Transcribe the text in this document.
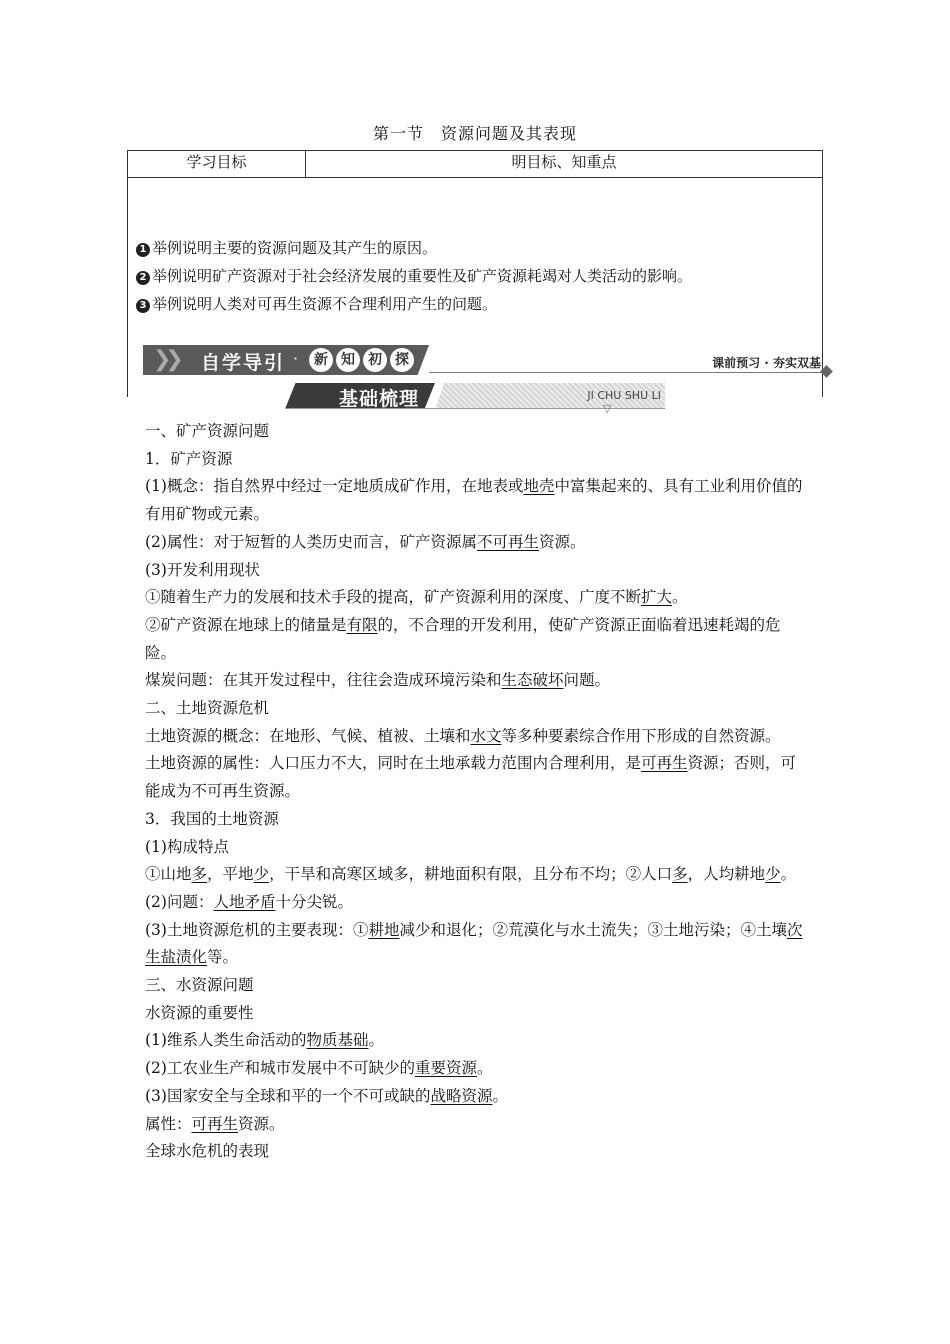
第一节　资源问题及其表现
学习目标	明目标、知重点

1 举例说明主要的资源问题及其产生的原因。
2 举例说明矿产资源对于社会经济发展的重要性及矿产资源耗竭对人类活动的影响。
3 举例说明人类对可再生资源不合理利用产生的问题。
❯❯ 自学导引 ·	新 知 初 探	课前预习 · 夯实双基
基础梳理	JI CHU SHU LI
▽

一、矿产资源问题

1．矿产资源

(1)概念：指自然界中经过一定地质成矿作用，在地表或地壳中富集起来的、具有工业利用价值的有用矿物或元素。

(2)属性：对于短暂的人类历史而言，矿产资源属不可再生资源。

(3)开发利用现状

①随着生产力的发展和技术手段的提高，矿产资源利用的深度、广度不断扩大。

②矿产资源在地球上的储量是有限的，不合理的开发利用，使矿产资源正面临着迅速耗竭的危险。

煤炭问题：在其开发过程中，往往会造成环境污染和生态破坏问题。

二、土地资源危机

土地资源的概念：在地形、气候、植被、土壤和水文等多种要素综合作用下形成的自然资源。

土地资源的属性：人口压力不大，同时在土地承载力范围内合理利用，是可再生资源；否则，可能成为不可再生资源。

3．我国的土地资源

(1)构成特点

①山地多，平地少，干旱和高寒区域多，耕地面积有限，且分布不均；②人口多，人均耕地少。

(2)问题：人地矛盾十分尖锐。

(3)土地资源危机的主要表现：①耕地减少和退化；②荒漠化与水土流失；③土地污染；④土壤次生盐渍化等。

三、水资源问题

水资源的重要性

(1)维系人类生命活动的物质基础。

(2)工农业生产和城市发展中不可缺少的重要资源。

(3)国家安全与全球和平的一个不可或缺的战略资源。

属性：可再生资源。

全球水危机的表现
